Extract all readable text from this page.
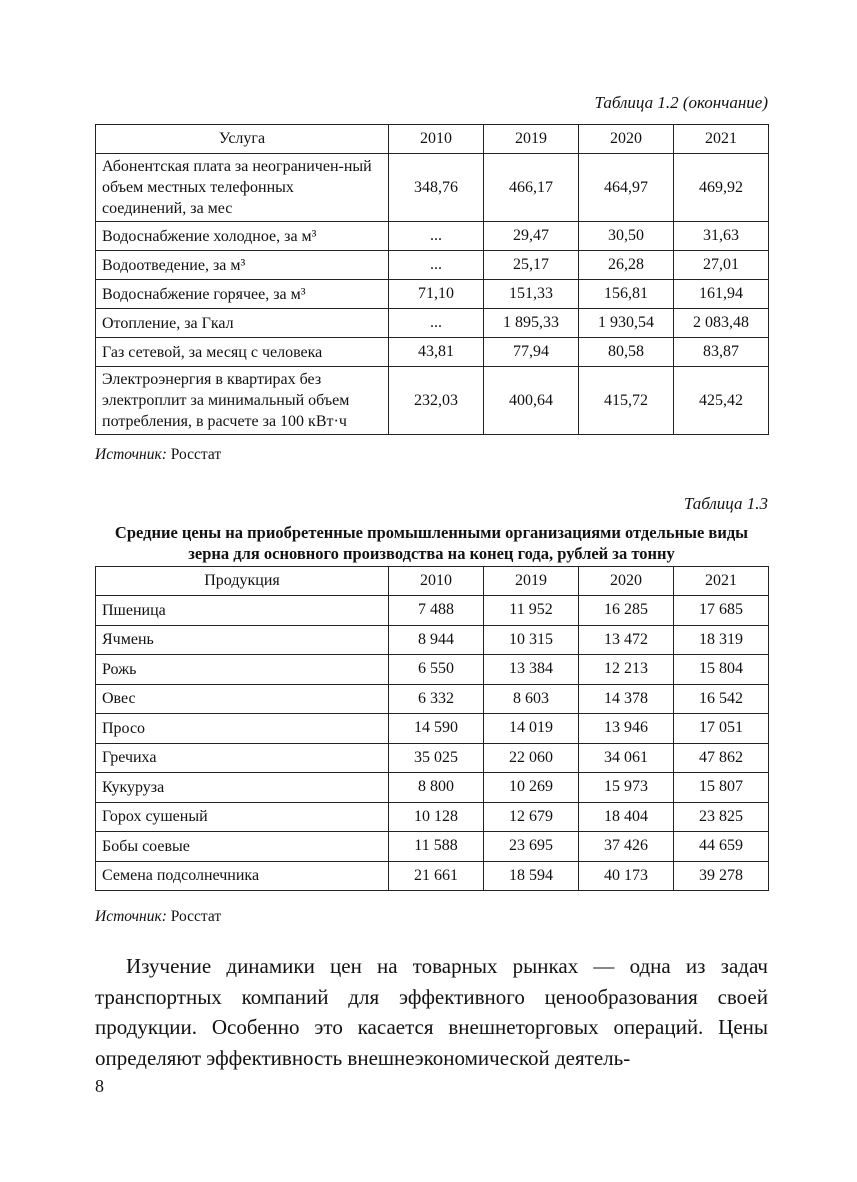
Таблица 1.2 (окончание)
Услуга	2010	2019	2020	2021
Абонентская плата за неограничен-ный объем местных телефонных соединений, за мес	348,76	466,17	464,97	469,92
Водоснабжение холодное, за м³	...	29,47	30,50	31,63
Водоотведение, за м³	...	25,17	26,28	27,01
Водоснабжение горячее, за м³	71,10	151,33	156,81	161,94
Отопление, за Гкал	...	1 895,33	1 930,54	2 083,48
Газ сетевой, за месяц с человека	43,81	77,94	80,58	83,87
Электроэнергия в квартирах без электроплит за минимальный объем потребления, в расчете за 100 кВт·ч	232,03	400,64	415,72	425,42
Источник: Росстат
Таблица 1.3
Средние цены на приобретенные промышленными организациями отдельные виды зерна для основного производства на конец года, рублей за тонну
Продукция	2010	2019	2020	2021
Пшеница	7 488	11 952	16 285	17 685
Ячмень	8 944	10 315	13 472	18 319
Рожь	6 550	13 384	12 213	15 804
Овес	6 332	8 603	14 378	16 542
Просо	14 590	14 019	13 946	17 051
Гречиха	35 025	22 060	34 061	47 862
Кукуруза	8 800	10 269	15 973	15 807
Горох сушеный	10 128	12 679	18 404	23 825
Бобы соевые	11 588	23 695	37 426	44 659
Семена подсолнечника	21 661	18 594	40 173	39 278
Источник: Росстат
Изучение динамики цен на товарных рынках — одна из задач транспортных компаний для эффективного ценообразования своей продукции. Особенно это касается внешнеторговых операций. Цены определяют эффективность внешнеэкономической деятель-
8
